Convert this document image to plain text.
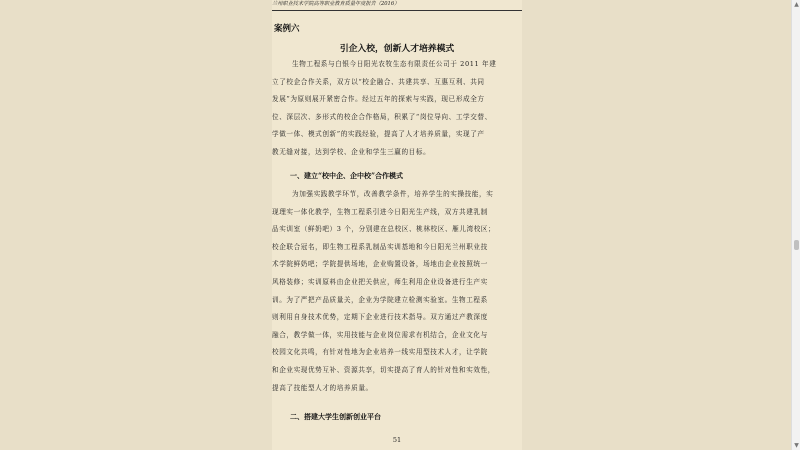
兰州职业技术学院高等职业教育质量年度报告（2016）
案例六
引企入校，创新人才培养模式
生物工程系与白银今日阳光农牧生态有限责任公司于 2011 年建
立了校企合作关系，双方以“校企融合、共建共享、互惠互利、共同
发展”为原则展开紧密合作。经过五年的探索与实践，现已形成全方
位、深层次、多形式的校企合作格局，积累了“岗位导向、工学交替、
学做一体、模式创新”的实践经验，提高了人才培养质量，实现了产
教无缝对接，达到学校、企业和学生三赢的目标。
一、建立“校中企、企中校”合作模式
为加强实践教学环节，改善教学条件，培养学生的实操技能，实
现理实一体化教学，生物工程系引进今日阳光生产线，双方共建乳制
品实训室（鲜奶吧）3 个，分别建在总校区、桃林校区、雁儿湾校区；
校企联合冠名，即生物工程系乳制品实训基地和今日阳光兰州职业技
术学院鲜奶吧；学院提供场地，企业购置设备，场地由企业按照统一
风格装修；实训原料由企业把关供应，师生利用企业设备进行生产实
训。为了严把产品质量关，企业为学院建立检测实验室。生物工程系
则利用自身技术优势，定期下企业进行技术指导。双方通过产教深度
融合，教学做一体，实用技能与企业岗位需求有机结合，企业文化与
校园文化共鸣，有针对性地为企业培养一线实用型技术人才，让学院
和企业实现优势互补、资源共享，切实提高了育人的针对性和实效性，
提高了技能型人才的培养质量。
二、搭建大学生创新创业平台
51
▲
▼
